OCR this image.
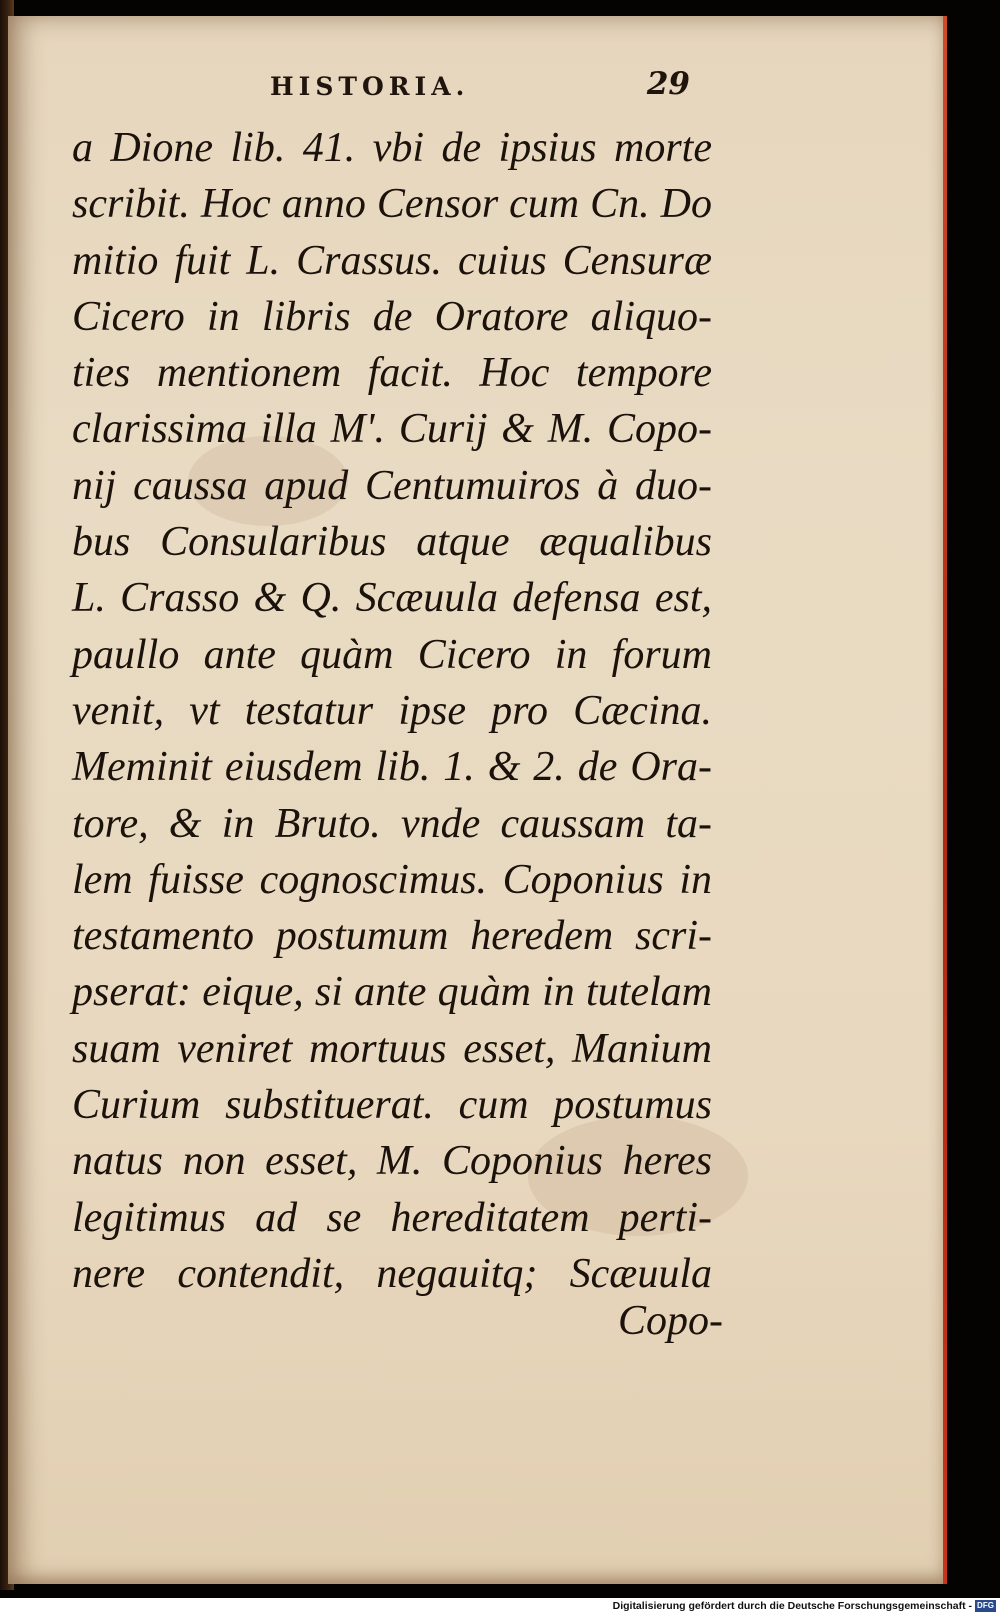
HISTORIA.	29
a Dione lib. 41. vbi de ipsius morte
scribit. Hoc anno Censor cum Cn. Do
mitio fuit L. Crassus. cuius Censuræ
Cicero in libris de Oratore aliquo-
ties mentionem facit. Hoc tempore
clarissima illa M'. Curij & M. Copo-
nij caussa apud Centumuiros à duo-
bus Consularibus atque æqualibus
L. Crasso & Q. Scæuula defensa est,
paullo ante quàm Cicero in forum
venit, vt testatur ipse pro Cæcina.
Meminit eiusdem lib. 1. & 2. de Ora-
tore, & in Bruto. vnde caussam ta-
lem fuisse cognoscimus. Coponius in
testamento postumum heredem scri-
pserat: eique, si ante quàm in tutelam
suam veniret mortuus esset, Manium
Curium substituerat. cum postumus
natus non esset, M. Coponius heres
legitimus ad se hereditatem perti-
nere contendit, negauitq; Scæuula
Copo-
Digitalisierung gefördert durch die Deutsche Forschungsgemeinschaft - DFG
